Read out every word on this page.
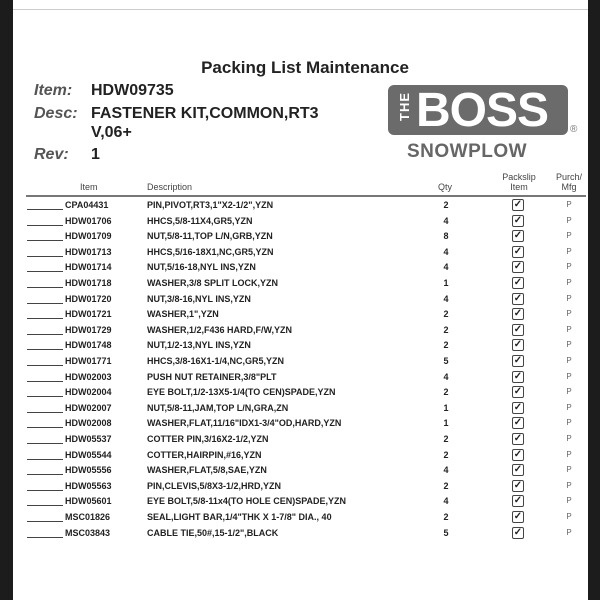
Packing List Maintenance
Item:	HDW09735
Desc: FASTENER KIT,COMMON,RT3
V,06+
Rev:	1
THE BOSS ®
SNOWPLOW
Item	Description	Qty
Packslip
Item
Purch/
Mfg
CPA04431	PIN,PIVOT,RT3,1"X2-1/2",YZN	2	✓	P
HDW01706	HHCS,5/8-11X4,GR5,YZN	4	✓	P
HDW01709	NUT,5/8-11,TOP L/N,GRB,YZN	8	✓	P
HDW01713	HHCS,5/16-18X1,NC,GR5,YZN	4	✓	P
HDW01714	NUT,5/16-18,NYL INS,YZN	4	✓	P
HDW01718	WASHER,3/8 SPLIT LOCK,YZN	1	✓	P
HDW01720	NUT,3/8-16,NYL INS,YZN	4	✓	P
HDW01721	WASHER,1",YZN	2	✓	P
HDW01729	WASHER,1/2,F436 HARD,F/W,YZN	2	✓	P
HDW01748	NUT,1/2-13,NYL INS,YZN	2	✓	P
HDW01771	HHCS,3/8-16X1-1/4,NC,GR5,YZN	5	✓	P
HDW02003	PUSH NUT RETAINER,3/8"PLT	4	✓	P
HDW02004	EYE BOLT,1/2-13X5-1/4(TO CEN)SPADE,YZN	2	✓	P
HDW02007	NUT,5/8-11,JAM,TOP L/N,GRA,ZN	1	✓	P
HDW02008	WASHER,FLAT,11/16"IDX1-3/4"OD,HARD,YZN	1	✓	P
HDW05537	COTTER PIN,3/16X2-1/2,YZN	2	✓	P
HDW05544	COTTER,HAIRPIN,#16,YZN	2	✓	P
HDW05556	WASHER,FLAT,5/8,SAE,YZN	4	✓	P
HDW05563	PIN,CLEVIS,5/8X3-1/2,HRD,YZN	2	✓	P
HDW05601	EYE BOLT,5/8-11x4(TO HOLE CEN)SPADE,YZN	4	✓	P
MSC01826	SEAL,LIGHT BAR,1/4"THK X 1-7/8" DIA., 40	2	✓	P
MSC03843	CABLE TIE,50#,15-1/2",BLACK	5	✓	P
